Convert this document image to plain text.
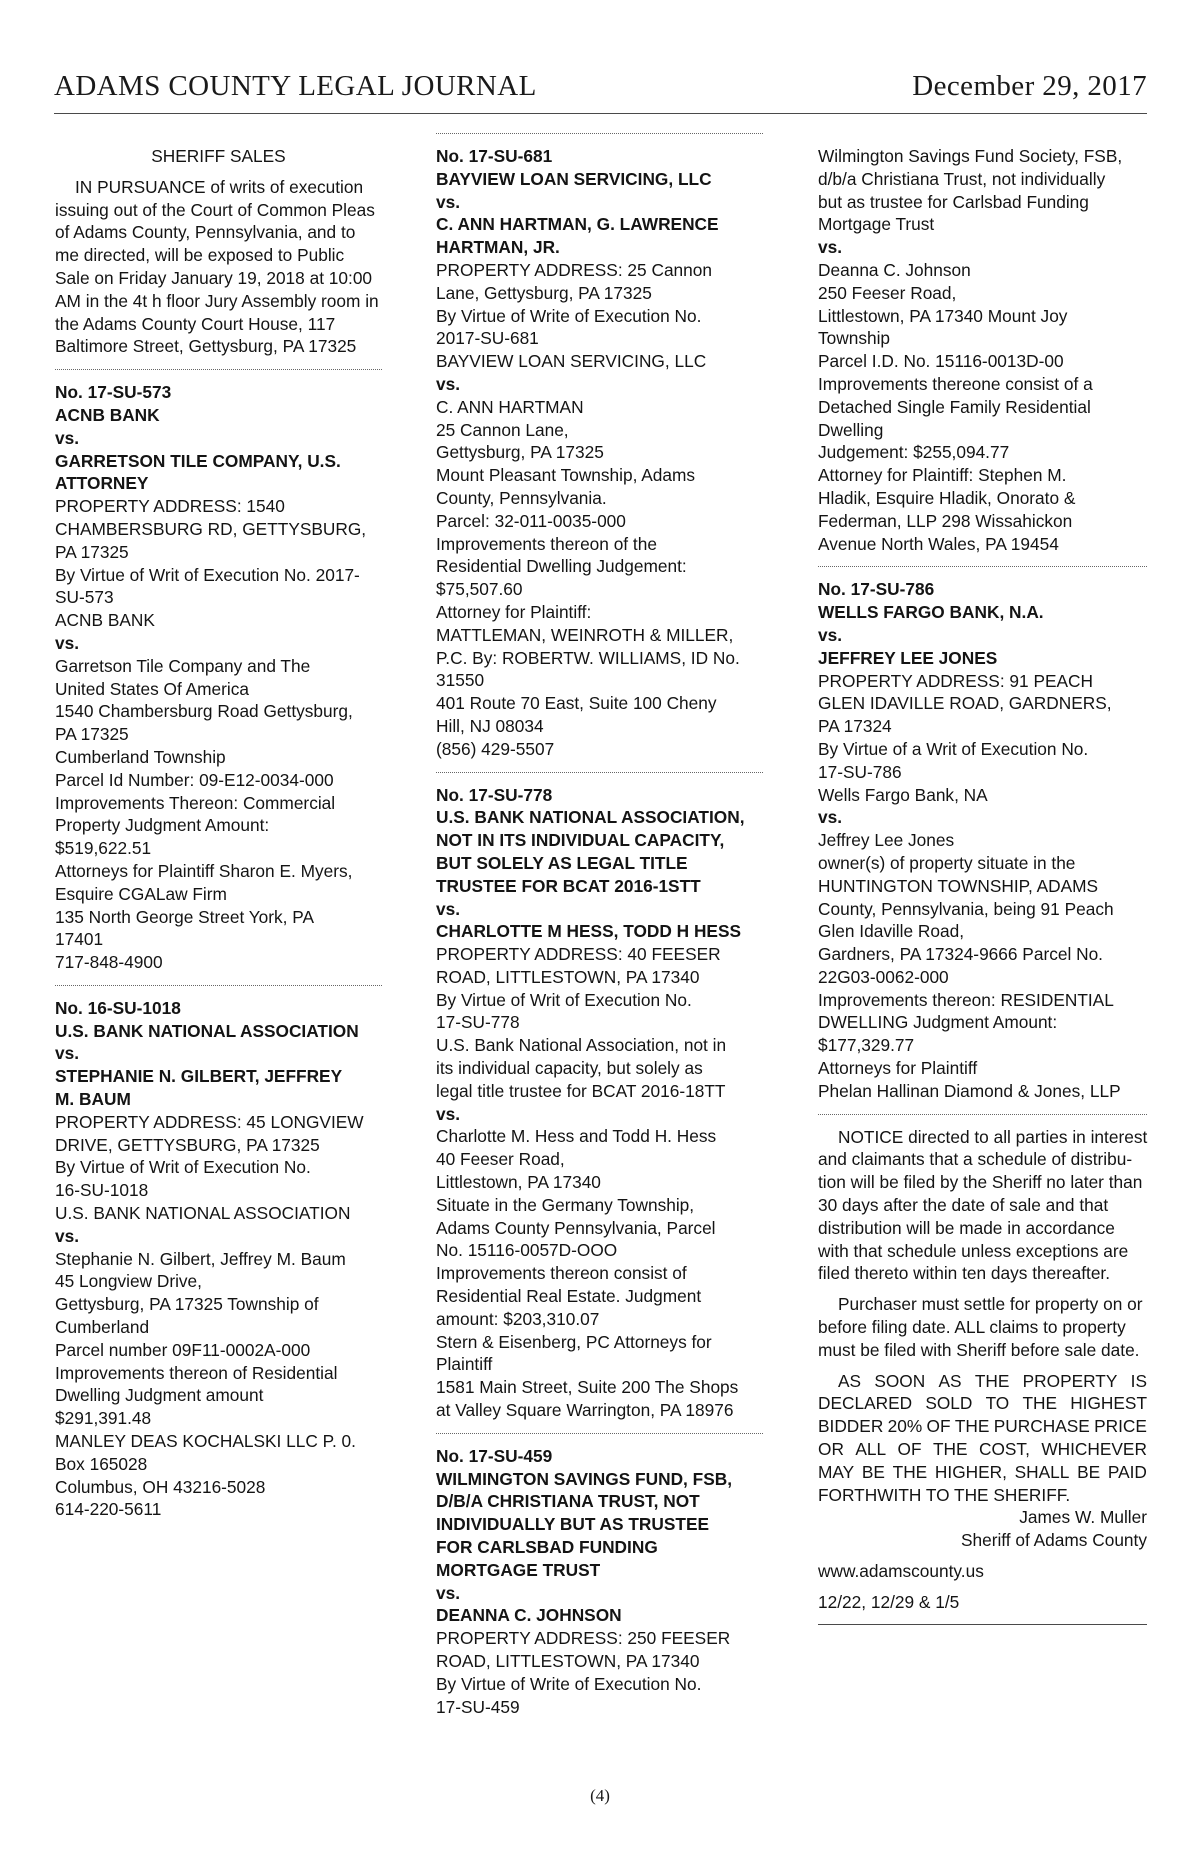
ADAMS COUNTY LEGAL JOURNAL	December 29, 2017
SHERIFF SALES
IN PURSUANCE of writs of execution
issuing out of the Court of Common Pleas
of Adams County, Pennsylvania, and to
me directed, will be exposed to Public
Sale on Friday January 19, 2018 at 10:00
AM in the 4t h floor Jury Assembly room in
the Adams County Court House, 117
Baltimore Street, Gettysburg, PA 17325
No. 17-SU-573
ACNB BANK
vs.
GARRETSON TILE COMPANY, U.S.
ATTORNEY
PROPERTY ADDRESS: 1540
CHAMBERSBURG RD, GETTYSBURG,
PA 17325
By Virtue of Writ of Execution No. 2017-
SU-573
ACNB BANK
vs.
Garretson Tile Company and The
United States Of America
1540 Chambersburg Road Gettysburg,
PA 17325
Cumberland Township
Parcel Id Number: 09-E12-0034-000
Improvements Thereon: Commercial
Property Judgment Amount:
$519,622.51
Attorneys for Plaintiff Sharon E. Myers,
Esquire CGALaw Firm
135 North George Street York, PA
17401
717-848-4900
No. 16-SU-1018
U.S. BANK NATIONAL ASSOCIATION
vs.
STEPHANIE N. GILBERT, JEFFREY
M. BAUM
PROPERTY ADDRESS: 45 LONGVIEW
DRIVE, GETTYSBURG, PA 17325
By Virtue of Writ of Execution No.
16-SU-1018
U.S. BANK NATIONAL ASSOCIATION
vs.
Stephanie N. Gilbert, Jeffrey M. Baum
45 Longview Drive,
Gettysburg, PA 17325 Township of
Cumberland
Parcel number 09F11-0002A-000
Improvements thereon of Residential
Dwelling Judgment amount
$291,391.48
MANLEY DEAS KOCHALSKI LLC P. 0.
Box 165028
Columbus, OH 43216-5028
614-220-5611
No. 17-SU-681
BAYVIEW LOAN SERVICING, LLC
vs.
C. ANN HARTMAN, G. LAWRENCE
HARTMAN, JR.
PROPERTY ADDRESS: 25 Cannon
Lane, Gettysburg, PA 17325
By Virtue of Write of Execution No.
2017-SU-681
BAYVIEW LOAN SERVICING, LLC
vs.
C. ANN HARTMAN
25 Cannon Lane,
Gettysburg, PA 17325
Mount Pleasant Township, Adams
County, Pennsylvania.
Parcel: 32-011-0035-000
Improvements thereon of the
Residential Dwelling Judgement:
$75,507.60
Attorney for Plaintiff:
MATTLEMAN, WEINROTH & MILLER,
P.C. By: ROBERTW. WILLIAMS, ID No.
31550
401 Route 70 East, Suite 100 Cheny
Hill, NJ 08034
(856) 429-5507
No. 17-SU-778
U.S. BANK NATIONAL ASSOCIATION,
NOT IN ITS INDIVIDUAL CAPACITY,
BUT SOLELY AS LEGAL TITLE
TRUSTEE FOR BCAT 2016-1STT
vs.
CHARLOTTE M HESS, TODD H HESS
PROPERTY ADDRESS: 40 FEESER
ROAD, LITTLESTOWN, PA 17340
By Virtue of Writ of Execution No.
17-SU-778
U.S. Bank National Association, not in
its individual capacity, but solely as
legal title trustee for BCAT 2016-18TT
vs.
Charlotte M. Hess and Todd H. Hess
40 Feeser Road,
Littlestown, PA 17340
Situate in the Germany Township,
Adams County Pennsylvania, Parcel
No. 15116-0057D-OOO
Improvements thereon consist of
Residential Real Estate. Judgment
amount: $203,310.07
Stern & Eisenberg, PC Attorneys for
Plaintiff
1581 Main Street, Suite 200 The Shops
at Valley Square Warrington, PA 18976
No. 17-SU-459
WILMINGTON SAVINGS FUND, FSB,
D/B/A CHRISTIANA TRUST, NOT
INDIVIDUALLY BUT AS TRUSTEE
FOR CARLSBAD FUNDING
MORTGAGE TRUST
vs.
DEANNA C. JOHNSON
PROPERTY ADDRESS: 250 FEESER
ROAD, LITTLESTOWN, PA 17340
By Virtue of Write of Execution No.
17-SU-459
Wilmington Savings Fund Society, FSB,
d/b/a Christiana Trust, not individually
but as trustee for Carlsbad Funding
Mortgage Trust
vs.
Deanna C. Johnson
250 Feeser Road,
Littlestown, PA 17340 Mount Joy
Township
Parcel I.D. No. 15116-0013D-00
Improvements thereone consist of a
Detached Single Family Residential
Dwelling
Judgement: $255,094.77
Attorney for Plaintiff: Stephen M.
Hladik, Esquire Hladik, Onorato &
Federman, LLP 298 Wissahickon
Avenue North Wales, PA 19454
No. 17-SU-786
WELLS FARGO BANK, N.A.
vs.
JEFFREY LEE JONES
PROPERTY ADDRESS: 91 PEACH
GLEN IDAVILLE ROAD, GARDNERS,
PA 17324
By Virtue of a Writ of Execution No.
17-SU-786
Wells Fargo Bank, NA
vs.
Jeffrey Lee Jones
owner(s) of property situate in the
HUNTINGTON TOWNSHIP, ADAMS
County, Pennsylvania, being 91 Peach
Glen Idaville Road,
Gardners, PA 17324-9666 Parcel No.
22G03-0062-000
Improvements thereon: RESIDENTIAL
DWELLING Judgment Amount:
$177,329.77
Attorneys for Plaintiff
Phelan Hallinan Diamond & Jones, LLP
NOTICE directed to all parties in interest
and claimants that a schedule of distribu-
tion will be filed by the Sheriff no later than
30 days after the date of sale and that
distribution will be made in accordance
with that schedule unless exceptions are
filed thereto within ten days thereafter.
Purchaser must settle for property on or
before filing date. ALL claims to property
must be filed with Sheriff before sale date.
AS SOON AS THE PROPERTY IS
DECLARED SOLD TO THE HIGHEST
BIDDER 20% OF THE PURCHASE PRICE
OR ALL OF THE COST, WHICHEVER
MAY BE THE HIGHER, SHALL BE PAID
FORTHWITH TO THE SHERIFF.
James W. Muller
Sheriff of Adams County
www.adamscounty.us
12/22, 12/29 & 1/5
(4)
